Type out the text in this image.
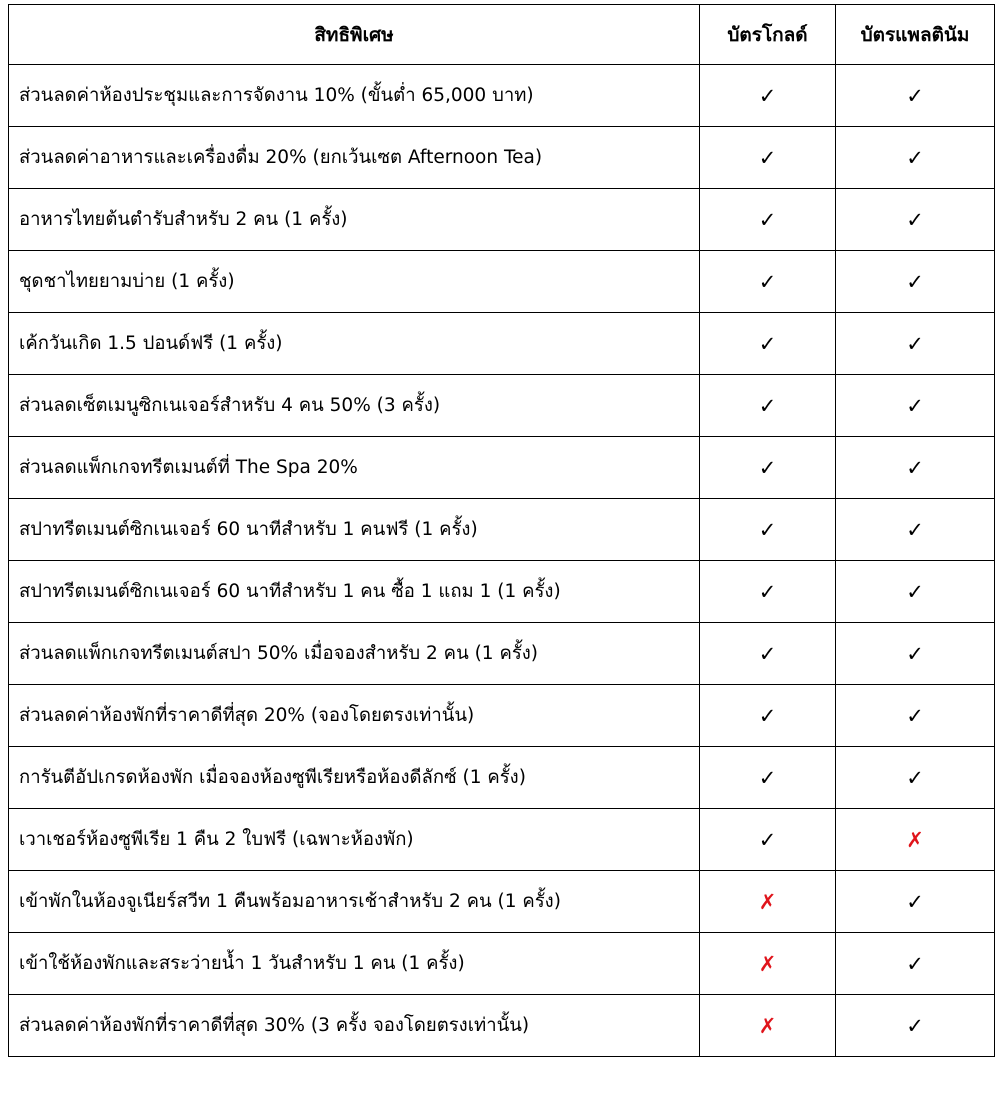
สิทธิพิเศษ	บัตรโกลด์	บัตรแพลตินัม
ส่วนลดค่าห้องประชุมและการจัดงาน 10% (ขั้นต่ำ 65,000 บาท)	✓	✓
ส่วนลดค่าอาหารและเครื่องดื่ม 20% (ยกเว้นเซต Afternoon Tea)	✓	✓
อาหารไทยต้นตำรับสำหรับ 2 คน (1 ครั้ง)	✓	✓
ชุดชาไทยยามบ่าย (1 ครั้ง)	✓	✓
เค้กวันเกิด 1.5 ปอนด์ฟรี (1 ครั้ง)	✓	✓
ส่วนลดเซ็ตเมนูซิกเนเจอร์สำหรับ 4 คน 50% (3 ครั้ง)	✓	✓
ส่วนลดแพ็กเกจทรีตเมนต์ที่ The Spa 20%	✓	✓
สปาทรีตเมนต์ซิกเนเจอร์ 60 นาทีสำหรับ 1 คนฟรี (1 ครั้ง)	✓	✓
สปาทรีตเมนต์ซิกเนเจอร์ 60 นาทีสำหรับ 1 คน ซื้อ 1 แถม 1 (1 ครั้ง)	✓	✓
ส่วนลดแพ็กเกจทรีตเมนต์สปา 50% เมื่อจองสำหรับ 2 คน (1 ครั้ง)	✓	✓
ส่วนลดค่าห้องพักที่ราคาดีที่สุด 20% (จองโดยตรงเท่านั้น)	✓	✓
การันตีอัปเกรดห้องพัก เมื่อจองห้องซูพีเรียหรือห้องดีลักซ์ (1 ครั้ง)	✓	✓
เวาเชอร์ห้องซูพีเรีย 1 คืน 2 ใบฟรี (เฉพาะห้องพัก)	✓	✗
เข้าพักในห้องจูเนียร์สวีท 1 คืนพร้อมอาหารเช้าสำหรับ 2 คน (1 ครั้ง)	✗	✓
เข้าใช้ห้องพักและสระว่ายน้ำ 1 วันสำหรับ 1 คน (1 ครั้ง)	✗	✓
ส่วนลดค่าห้องพักที่ราคาดีที่สุด 30% (3 ครั้ง จองโดยตรงเท่านั้น)	✗	✓
